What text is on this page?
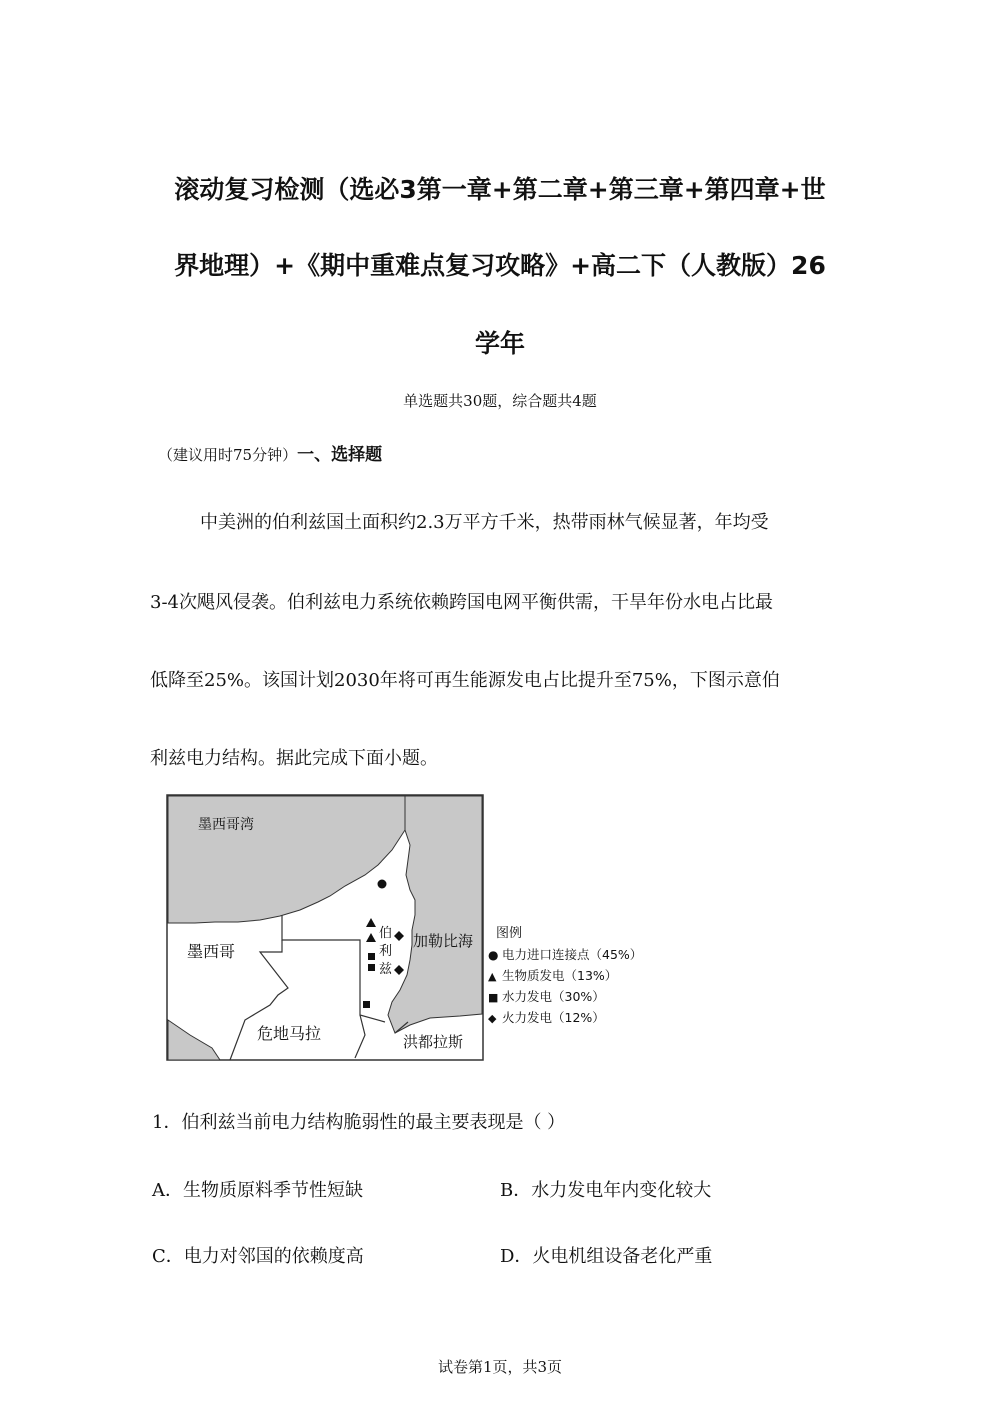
滚动复习检测（选必3第一章+第二章+第三章+第四章+世
界地理）+《期中重难点复习攻略》+高二下（人教版）26
学年
单选题共30题，综合题共4题
（建议用时75分钟）一、选择题
中美洲的伯利兹国土面积约2.3万平方千米，热带雨林气候显著，年均受
3-4次飓风侵袭。伯利兹电力系统依赖跨国电网平衡供需，干旱年份水电占比最
低降至25%。该国计划2030年将可再生能源发电占比提升至75%，下图示意伯
利兹电力结构。据此完成下面小题。
墨西哥湾
墨西哥
加勒比海
危地马拉	洪都拉斯
伯
利
兹
图例
● 电力进口连接点（45%）
▲ 生物质发电（13%）
■ 水力发电（30%）
◆ 火力发电（12%）
1．伯利兹当前电力结构脆弱性的最主要表现是（ ）
A．生物质原料季节性短缺	B．水力发电年内变化较大
C．电力对邻国的依赖度高	D．火电机组设备老化严重
试卷第1页，共3页
